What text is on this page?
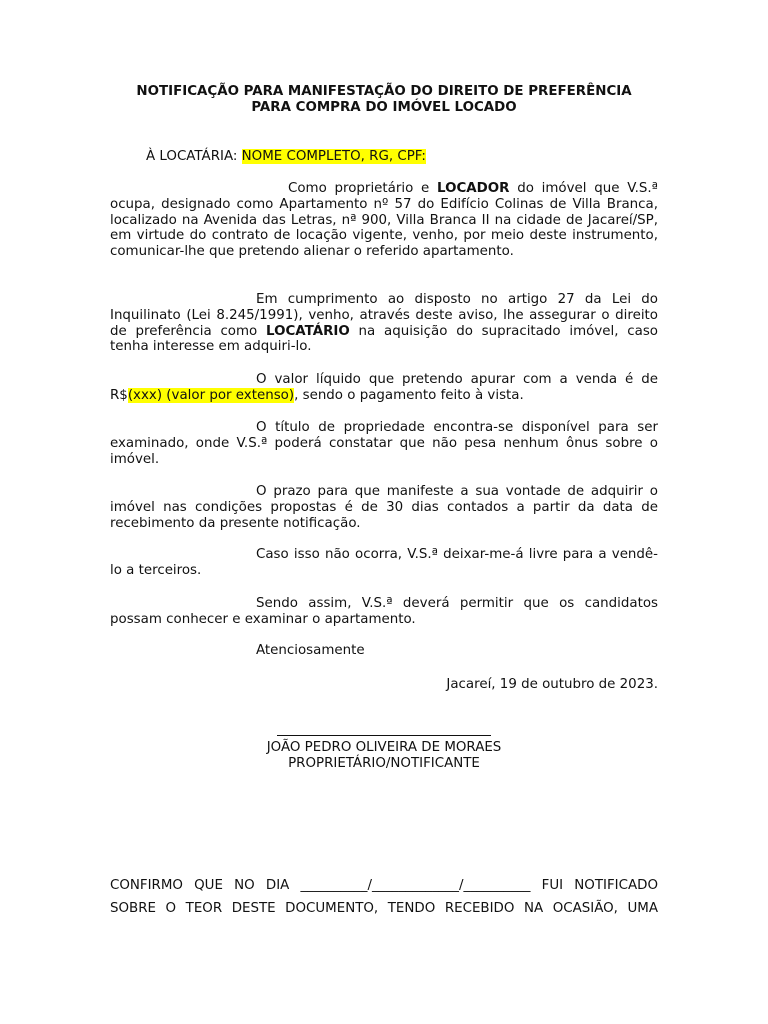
NOTIFICAÇÃO PARA MANIFESTAÇÃO DO DIREITO DE PREFERÊNCIA
PARA COMPRA DO IMÓVEL LOCADO
À LOCATÁRIA: NOME COMPLETO, RG, CPF:

Como proprietário e LOCADOR do imóvel que V.S.ª ocupa, designado como Apartamento nº 57 do Edifício Colinas de Villa Branca, localizado na Avenida das Letras, nª 900, Villa Branca II na cidade de Jacareí/SP, em virtude do contrato de locação vigente, venho, por meio deste instrumento, comunicar-lhe que pretendo alienar o referido apartamento.

Em cumprimento ao disposto no artigo 27 da Lei do Inquilinato (Lei 8.245/1991), venho, através deste aviso, lhe assegurar o direito de preferência como LOCATÁRIO na aquisição do supracitado imóvel, caso tenha interesse em adquiri-lo.

O valor líquido que pretendo apurar com a venda é de R$(xxx) (valor por extenso), sendo o pagamento feito à vista.

O título de propriedade encontra-se disponível para ser examinado, onde V.S.ª poderá constatar que não pesa nenhum ônus sobre o imóvel.

O prazo para que manifeste a sua vontade de adquirir o imóvel nas condições propostas é de 30 dias contados a partir da data de recebimento da presente notificação.

Caso isso não ocorra, V.S.ª deixar-me-á livre para a vendê-lo a terceiros.

Sendo assim, V.S.ª deverá permitir que os candidatos possam conhecer e examinar o apartamento.

Atenciosamente
Jacareí, 19 de outubro de 2023.
JOÃO PEDRO OLIVEIRA DE MORAES
PROPRIETÁRIO/NOTIFICANTE

CONFIRMO QUE NO DIA __________/_____________/__________ FUI NOTIFICADO

SOBRE O TEOR DESTE DOCUMENTO, TENDO RECEBIDO NA OCASIÃO, UMA
